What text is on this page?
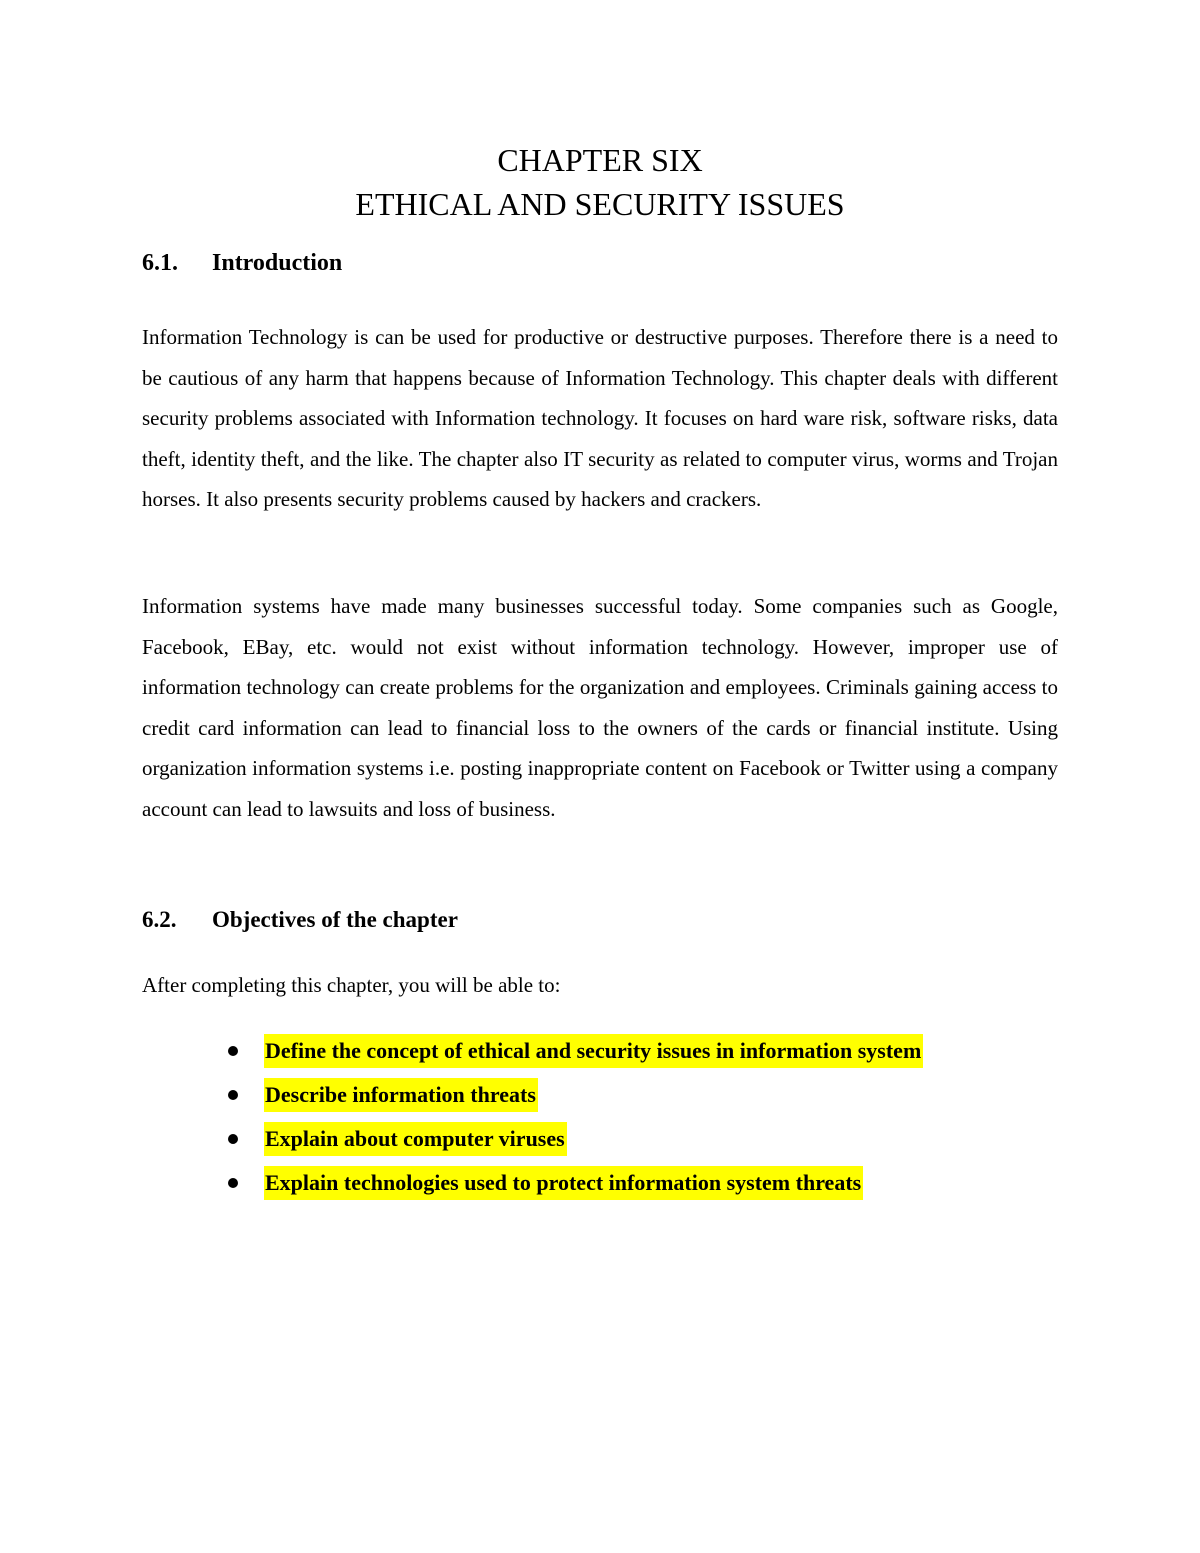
CHAPTER SIX
ETHICAL AND SECURITY ISSUES
6.1. Introduction

Information Technology is can be used for productive or destructive purposes. Therefore there is a need to be cautious of any harm that happens because of Information Technology. This chapter deals with different security problems associated with Information technology. It focuses on hard ware risk, software risks, data theft, identity theft, and the like. The chapter also IT security as related to computer virus, worms and Trojan horses. It also presents security problems caused by hackers and crackers.

Information systems have made many businesses successful today. Some companies such as Google, Facebook, EBay, etc. would not exist without information technology. However, improper use of information technology can create problems for the organization and employees. Criminals gaining access to credit card information can lead to financial loss to the owners of the cards or financial institute. Using organization information systems i.e. posting inappropriate content on Facebook or Twitter using a company account can lead to lawsuits and loss of business.

6.2. Objectives of the chapter
After completing this chapter, you will be able to:
Define the concept of ethical and security issues in information system
Describe information threats
Explain about computer viruses
Explain technologies used to protect information system threats
